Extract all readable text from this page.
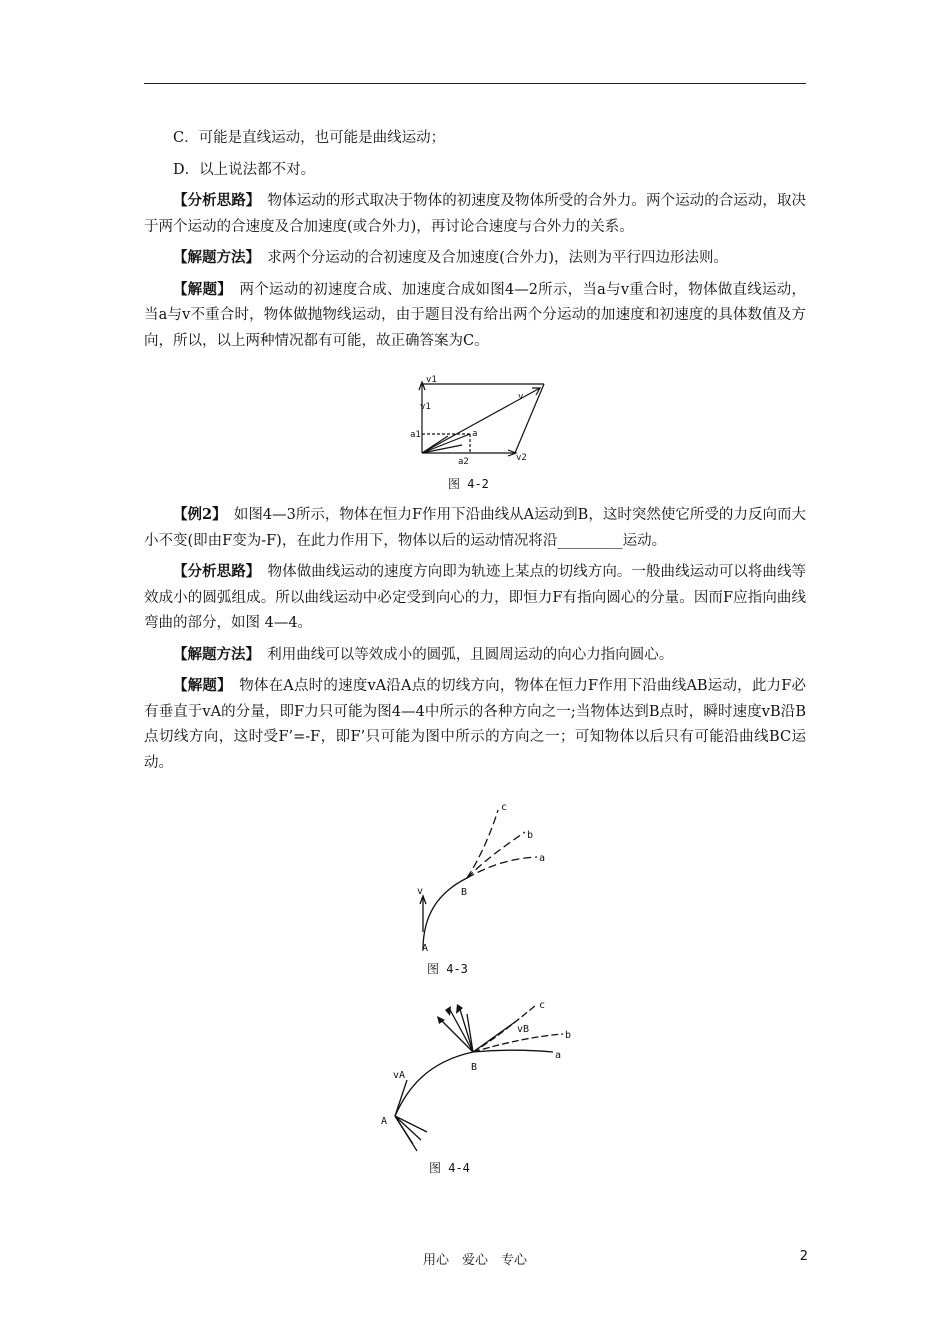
C．可能是直线运动，也可能是曲线运动；

D．以上说法都不对。

【分析思路】　物体运动的形式取决于物体的初速度及物体所受的合外力。两个运动的合运动，取决于两个运动的合速度及合加速度(或合外力)，再讨论合速度与合外力的关系。

【解题方法】　求两个分运动的合初速度及合加速度(合外力)，法则为平行四边形法则。

【解题】　两个运动的初速度合成、加速度合成如图4—2所示，当a与v重合时，物体做直线运动，当a与v不重合时，物体做抛物线运动，由于题目没有给出两个分运动的加速度和初速度的具体数值及方向，所以，以上两种情况都有可能，故正确答案为C。

v1
v1
v
a1	a
a2	v2
图 4-2

【例2】　如图4—3所示，物体在恒力F作用下沿曲线从A运动到B，这时突然使它所受的力反向而大小不变(即由F变为-F)，在此力作用下，物体以后的运动情况将沿_________运动。

【分析思路】　物体做曲线运动的速度方向即为轨迹上某点的切线方向。一般曲线运动可以将曲线等效成小的圆弧组成。所以曲线运动中必定受到向心的力，即恒力F有指向圆心的分量。因而F应指向曲线弯曲的部分，如图 4—4。

【解题方法】　利用曲线可以等效成小的圆弧，且圆周运动的向心力指向圆心。

【解题】　物体在A点时的速度vA沿A点的切线方向，物体在恒力F作用下沿曲线AB运动，此力F必有垂直于vA的分量，即F力只可能为图4—4中所示的各种方向之一;当物体达到B点时，瞬时速度vB沿B点切线方向，这时受F’=-F，即F’只可能为图中所示的方向之一；可知物体以后只有可能沿曲线BC运动。

c
b
a
v	B
A
图 4-3
c
vB
b
a
B
vA
A
图 4-4
用心　爱心　专心	2
